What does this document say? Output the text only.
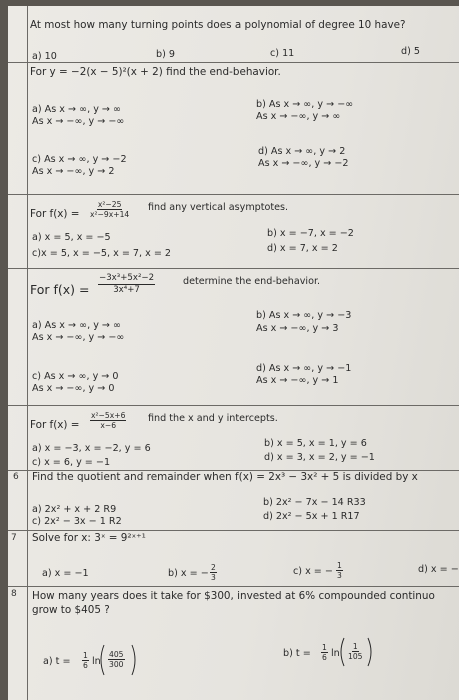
At most how many turning points does a polynomial of degree 10 have?
a) 10	b) 9	c) 11	d) 5
For y = −2(x − 5)²(x + 2) find the end-behavior.
a) As x → ∞, y → ∞
As x → −∞, y → −∞
b) As x → ∞, y → −∞
As x → −∞, y → ∞
c) As x → ∞, y → −2
As x → −∞, y → 2
d) As x → ∞, y → 2
As x → −∞, y → −2
For $f(x) = \frac{\text{x²−25}}{\text{x²−9x+14}}$ find any vertical asymptotes.
a) x = 5, x = −5	b) x = −7, x = −2
c)x = 5, x = −5, x = 7, x = 2	d) x = 7, x = 2
For $f(x) = \frac{\text{−3x³+5x²−2}}{\text{3x⁴+7}}$	determine the end-behavior.
a) As x → ∞, y → ∞
As x → −∞, y → −∞
b) As x → ∞, y → −3
As x → −∞, y → 3
c) As x → ∞, y → 0
As x → −∞, y → 0
d) As x → ∞, y → −1
As x → −∞, y → 1
For $f(x) = \frac{\text{x²−5x+6}}{x-6}$ find the x and y intercepts.
a) x = −3, x = −2, y = 6	b) x = 5, x = 1, y = 6
c) x = 6, y = −1	d) x = 3, x = 2, y = −1
6 Find the quotient and remainder when f(x) = 2x³ − 3x² + 5 is divided by x
a) 2x² + x + 2 R9
b) 2x² − 7x − 14 R33
c) 2x² − 3x − 1 R2	d) 2x² − 5x + 1 R17
7 Solve for x: 3ˣ = 9²ˣ⁺¹
a) x = −1	b) x = − $\frac{2}{3}$	c) x = − $\frac{1}{3}$	d) x = −
8 How many years does it take for $300, invested at 6% compounded continuo
grow to $405 ?
a) $t = \frac{1}{6}$ $\ln \frac{405}{300}$	b) $t = \frac{1}{6}$ $\ln \frac{1}{105}$
